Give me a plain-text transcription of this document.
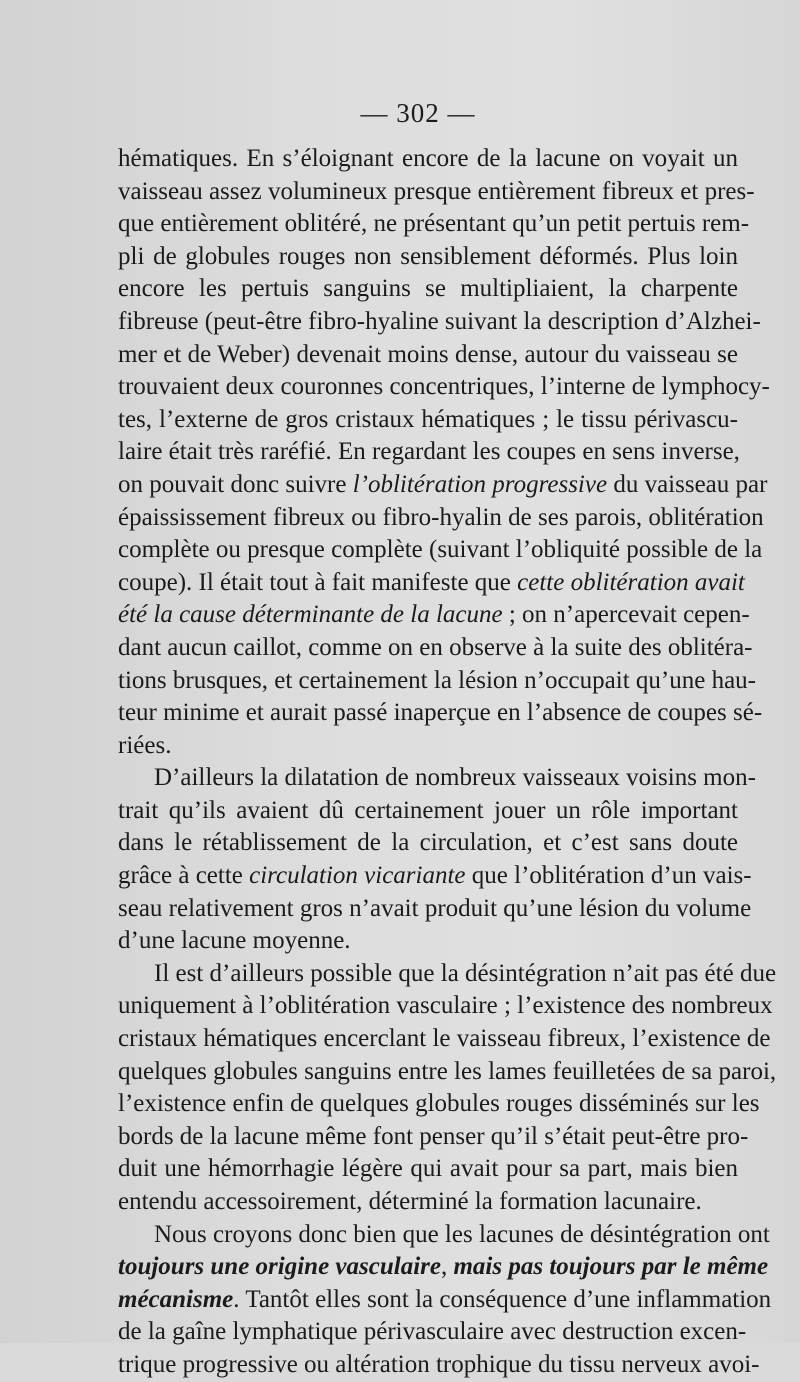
— 302 —
hématiques. En s’éloignant encore de la lacune on voyait un
vaisseau assez volumineux presque entièrement fibreux et pres-
que entièrement oblitéré, ne présentant qu’un petit pertuis rem-
pli de globules rouges non sensiblement déformés. Plus loin
encore les pertuis sanguins se multipliaient, la charpente
fibreuse (peut-être fibro-hyaline suivant la description d’Alzhei-
mer et de Weber) devenait moins dense, autour du vaisseau se
trouvaient deux couronnes concentriques, l’interne de lymphocy-
tes, l’externe de gros cristaux hématiques ; le tissu périvascu-
laire était très raréfié. En regardant les coupes en sens inverse,
on pouvait donc suivre l’oblitération progressive du vaisseau par
épaississement fibreux ou fibro-hyalin de ses parois, oblitération
complète ou presque complète (suivant l’obliquité possible de la
coupe). Il était tout à fait manifeste que cette oblitération avait
été la cause déterminante de la lacune ; on n’apercevait cepen-
dant aucun caillot, comme on en observe à la suite des oblitéra-
tions brusques, et certainement la lésion n’occupait qu’une hau-
teur minime et aurait passé inaperçue en l’absence de coupes sé-
riées.
D’ailleurs la dilatation de nombreux vaisseaux voisins mon-
trait qu’ils avaient dû certainement jouer un rôle important
dans le rétablissement de la circulation, et c’est sans doute
grâce à cette circulation vicariante que l’oblitération d’un vais-
seau relativement gros n’avait produit qu’une lésion du volume
d’une lacune moyenne.
Il est d’ailleurs possible que la désintégration n’ait pas été due
uniquement à l’oblitération vasculaire ; l’existence des nombreux
cristaux hématiques encerclant le vaisseau fibreux, l’existence de
quelques globules sanguins entre les lames feuilletées de sa paroi,
l’existence enfin de quelques globules rouges disséminés sur les
bords de la lacune même font penser qu’il s’était peut-être pro-
duit une hémorrhagie légère qui avait pour sa part, mais bien
entendu accessoirement, déterminé la formation lacunaire.
Nous croyons donc bien que les lacunes de désintégration ont
toujours une origine vasculaire, mais pas toujours par le même
mécanisme. Tantôt elles sont la conséquence d’une inflammation
de la gaîne lymphatique périvasculaire avec destruction excen-
trique progressive ou altération trophique du tissu nerveux avoi-
